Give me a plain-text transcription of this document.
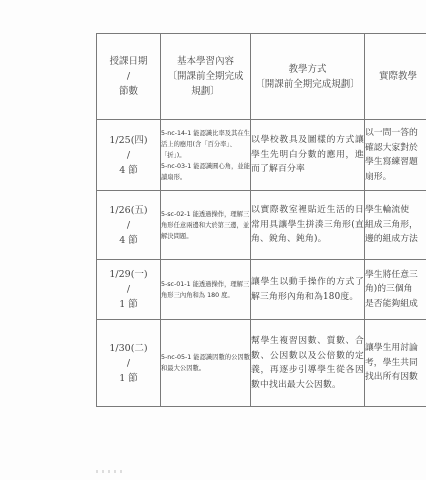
授課日期
/
節數	基本學習內容
〔開課前全期完成
規劃〕	教學方式
〔開課前全期完成規劃〕	實際教學

1/25(四)
/
4 節	5-nc-14-1 能認識比率及其在生活上的應用(含「百分率」、「折」)。
5-nc-03-1 能認識圓心角，並能讀扇形。	以學校教具及圖樣的方式讓學生先明白分數的應用，進而了解百分率	以一問一答的
確認大家對於
學生寫練習題
扇形。

1/26(五)
/
4 節	5-sc-02-1 能透過操作，理解三角形任意兩邊和大於第三邊，並解決問題。	以實際教室裡貼近生活的日常用具讓學生拼湊三角形(直角、銳角、鈍角)。	學生輪流使
組成三角形，
邊的組成方法

1/29(一)
/
1 節	5-sc-01-1 能透過操作，理解三角形三內角和為 180 度。	讓學生以動手操作的方式了解三角形內角和為180度。	學生將任意三
角)的三個角
是否能夠組成

1/30(二)
/
1 節	5-nc-05-1 能認識因數的公因數和最大公因數。	幫學生複習因數、質數、合數、公因數以及公倍數的定義，再逐步引導學生從各因數中找出最大公因數。	讓學生用討論
考，學生共同
找出所有因數
